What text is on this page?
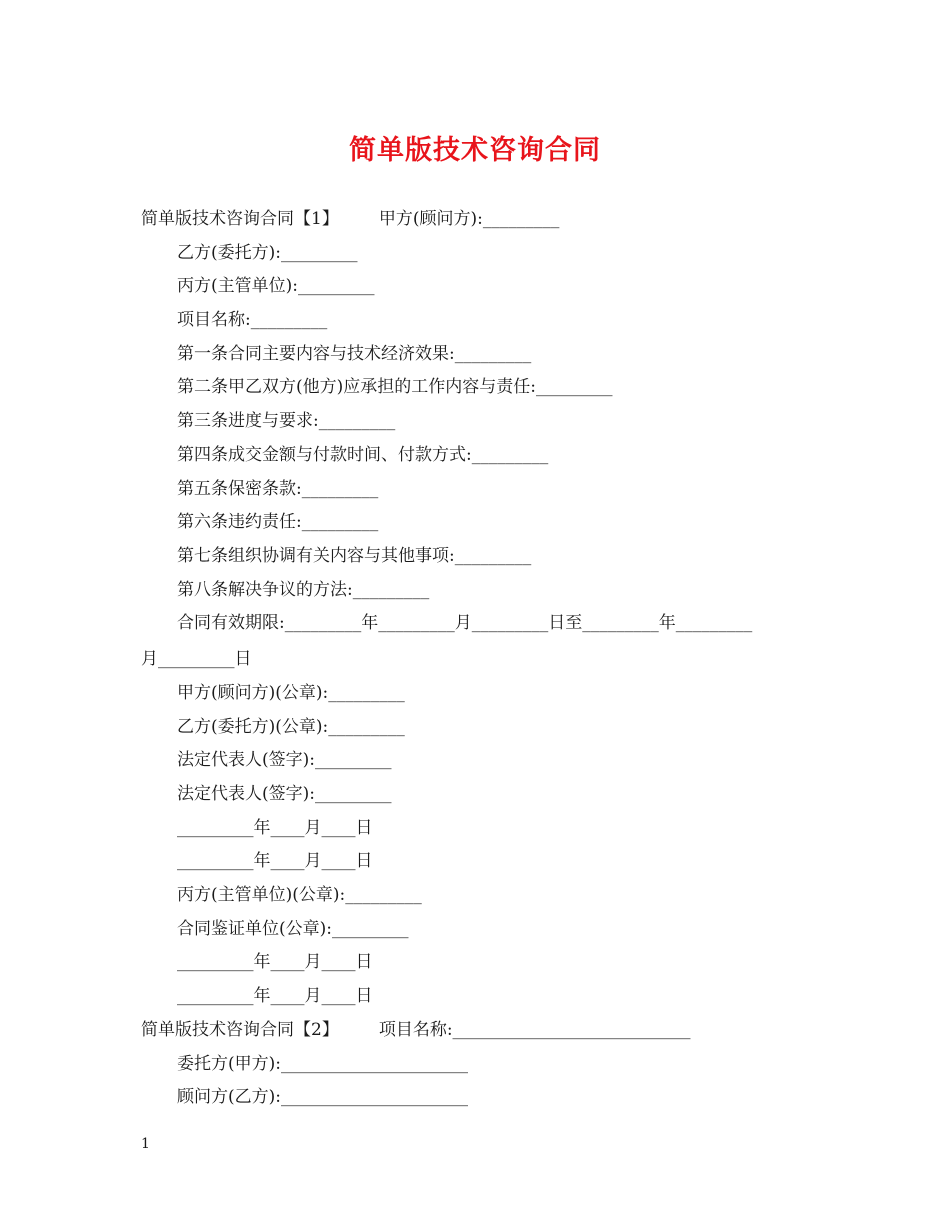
简单版技术咨询合同
简单版技术咨询合同【1】 甲方(顾问方):_________
乙方(委托方):_________
丙方(主管单位):_________
项目名称:_________
第一条合同主要内容与技术经济效果:_________
第二条甲乙双方(他方)应承担的工作内容与责任:_________
第三条进度与要求:_________
第四条成交金额与付款时间、付款方式:_________
第五条保密条款:_________
第六条违约责任:_________
第七条组织协调有关内容与其他事项:_________
第八条解决争议的方法:_________
合同有效期限:_________年_________月_________日至_________年_________
月_________日
甲方(顾问方)(公章):_________
乙方(委托方)(公章):_________
法定代表人(签字):_________
法定代表人(签字):_________
_________年____月____日
_________年____月____日
丙方(主管单位)(公章):_________
合同鉴证单位(公章):_________
_________年____月____日
_________年____月____日
简单版技术咨询合同【2】 项目名称:____________________________
委托方(甲方):______________________
顾问方(乙方):______________________
1
